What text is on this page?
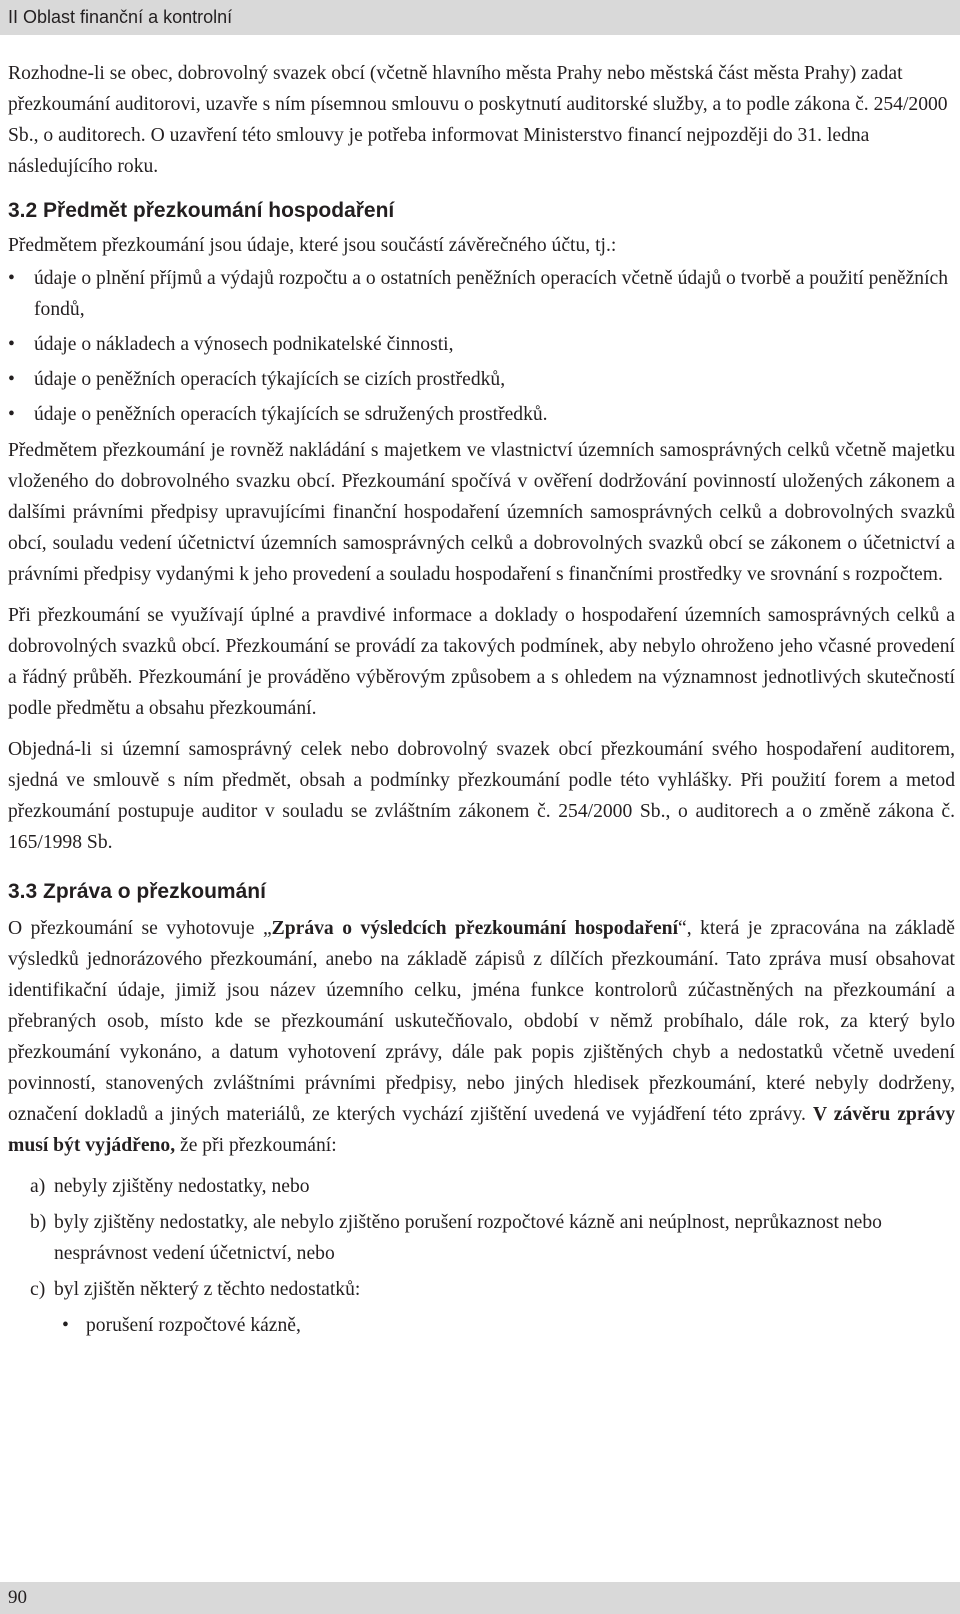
II Oblast finanční a kontrolní

Rozhodne-li se obec, dobrovolný svazek obcí (včetně hlavního města Prahy nebo městská část města Prahy) zadat přezkoumání auditorovi, uzavře s ním písemnou smlouvu o poskytnutí auditorské služby, a to podle zákona č. 254/2000 Sb., o auditorech. O uzavření této smlouvy je potřeba informovat Ministerstvo financí nejpozději do 31. ledna následujícího roku.

3.2 Předmět přezkoumání hospodaření

Předmětem přezkoumání jsou údaje, které jsou součástí závěrečného účtu, tj.:

• údaje o plnění příjmů a výdajů rozpočtu a o ostatních peněžních operacích včetně údajů o tvorbě a použití peněžních fondů,
• údaje o nákladech a výnosech podnikatelské činnosti,
• údaje o peněžních operacích týkajících se cizích prostředků,
• údaje o peněžních operacích týkajících se sdružených prostředků.

Předmětem přezkoumání je rovněž nakládání s majetkem ve vlastnictví územních samosprávných celků včetně majetku vloženého do dobrovolného svazku obcí. Přezkoumání spočívá v ověření dodržování povinností uložených zákonem a dalšími právními předpisy upravujícími finanční hospodaření územních samosprávných celků a dobrovolných svazků obcí, souladu vedení účetnictví územních samosprávných celků a dobrovolných svazků obcí se zákonem o účetnictví a právními předpisy vydanými k jeho provedení a souladu hospodaření s finančními prostředky ve srovnání s rozpočtem.

Při přezkoumání se využívají úplné a pravdivé informace a doklady o hospodaření územních samosprávných celků a dobrovolných svazků obcí. Přezkoumání se provádí za takových podmínek, aby nebylo ohroženo jeho včasné provedení a řádný průběh. Přezkoumání je prováděno výběrovým způsobem a s ohledem na významnost jednotlivých skutečností podle předmětu a obsahu přezkoumání.

Objedná-li si územní samosprávný celek nebo dobrovolný svazek obcí přezkoumání svého hospodaření auditorem, sjedná ve smlouvě s ním předmět, obsah a podmínky přezkoumání podle této vyhlášky. Při použití forem a metod přezkoumání postupuje auditor v souladu se zvláštním zákonem č. 254/2000 Sb., o auditorech a o změně zákona č. 165/1998 Sb.

3.3 Zpráva o přezkoumání

O přezkoumání se vyhotovuje „Zpráva o výsledcích přezkoumání hospodaření“, která je zpracována na základě výsledků jednorázového přezkoumání, anebo na základě zápisů z dílčích přezkoumání. Tato zpráva musí obsahovat identifikační údaje, jimiž jsou název územního celku, jména funkce kontrolorů zúčastněných na přezkoumání a přebraných osob, místo kde se přezkoumání uskutečňovalo, období v němž probíhalo, dále rok, za který bylo přezkoumání vykonáno, a datum vyhotovení zprávy, dále pak popis zjištěných chyb a nedostatků včetně uvedení povinností, stanovených zvláštními právními předpisy, nebo jiných hledisek přezkoumání, které nebyly dodrženy, označení dokladů a jiných materiálů, ze kterých vychází zjištění uvedená ve vyjádření této zprávy. V závěru zprávy musí být vyjádřeno, že při přezkoumání:

a) nebyly zjištěny nedostatky, nebo
b) byly zjištěny nedostatky, ale nebylo zjištěno porušení rozpočtové kázně ani neúplnost, neprůkaznost nebo nesprávnost vedení účetnictví, nebo
c) byl zjištěn některý z těchto nedostatků:
• porušení rozpočtové kázně,
90
